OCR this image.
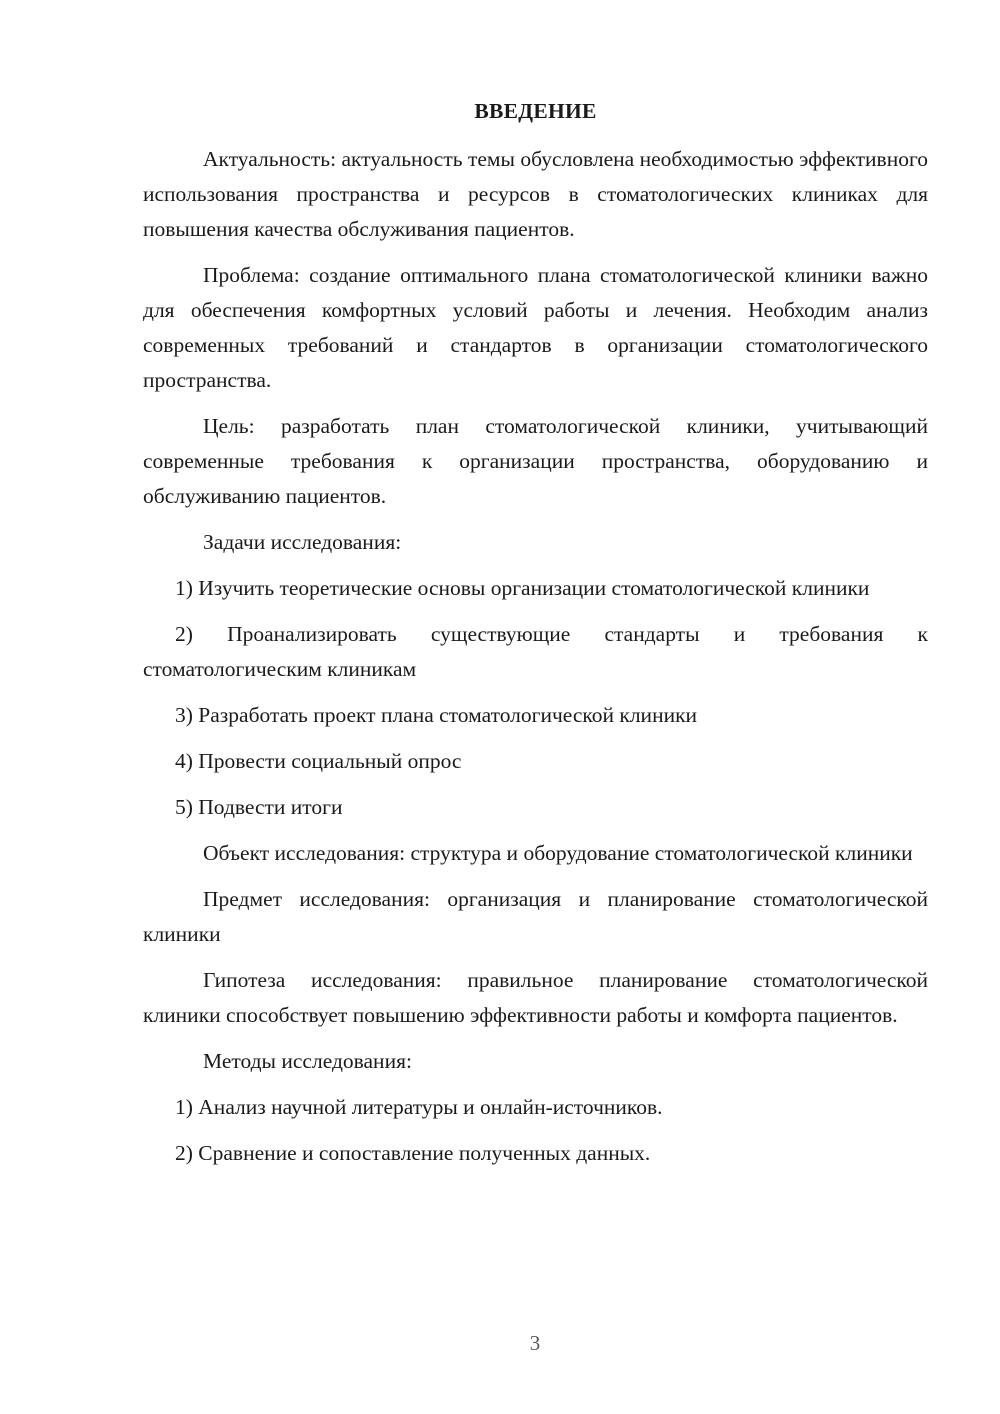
ВВЕДЕНИЕ

Актуальность: актуальность темы обусловлена необходимостью эффективного использования пространства и ресурсов в стоматологических клиниках для повышения качества обслуживания пациентов.

Проблема: создание оптимального плана стоматологической клиники важно для обеспечения комфортных условий работы и лечения. Необходим анализ современных требований и стандартов в организации стоматологического пространства.

Цель: разработать план стоматологической клиники, учитывающий современные требования к организации пространства, оборудованию и обслуживанию пациентов.

Задачи исследования:

1) Изучить теоретические основы организации стоматологической клиники

2) Проанализировать существующие стандарты и требования к стоматологическим клиникам

3) Разработать проект плана стоматологической клиники

4) Провести социальный опрос

5) Подвести итоги

Объект исследования: структура и оборудование стоматологической клиники

Предмет исследования: организация и планирование стоматологической клиники

Гипотеза исследования: правильное планирование стоматологической клиники способствует повышению эффективности работы и комфорта пациентов.

Методы исследования:

1) Анализ научной литературы и онлайн-источников.

2) Сравнение и сопоставление полученных данных.

3
